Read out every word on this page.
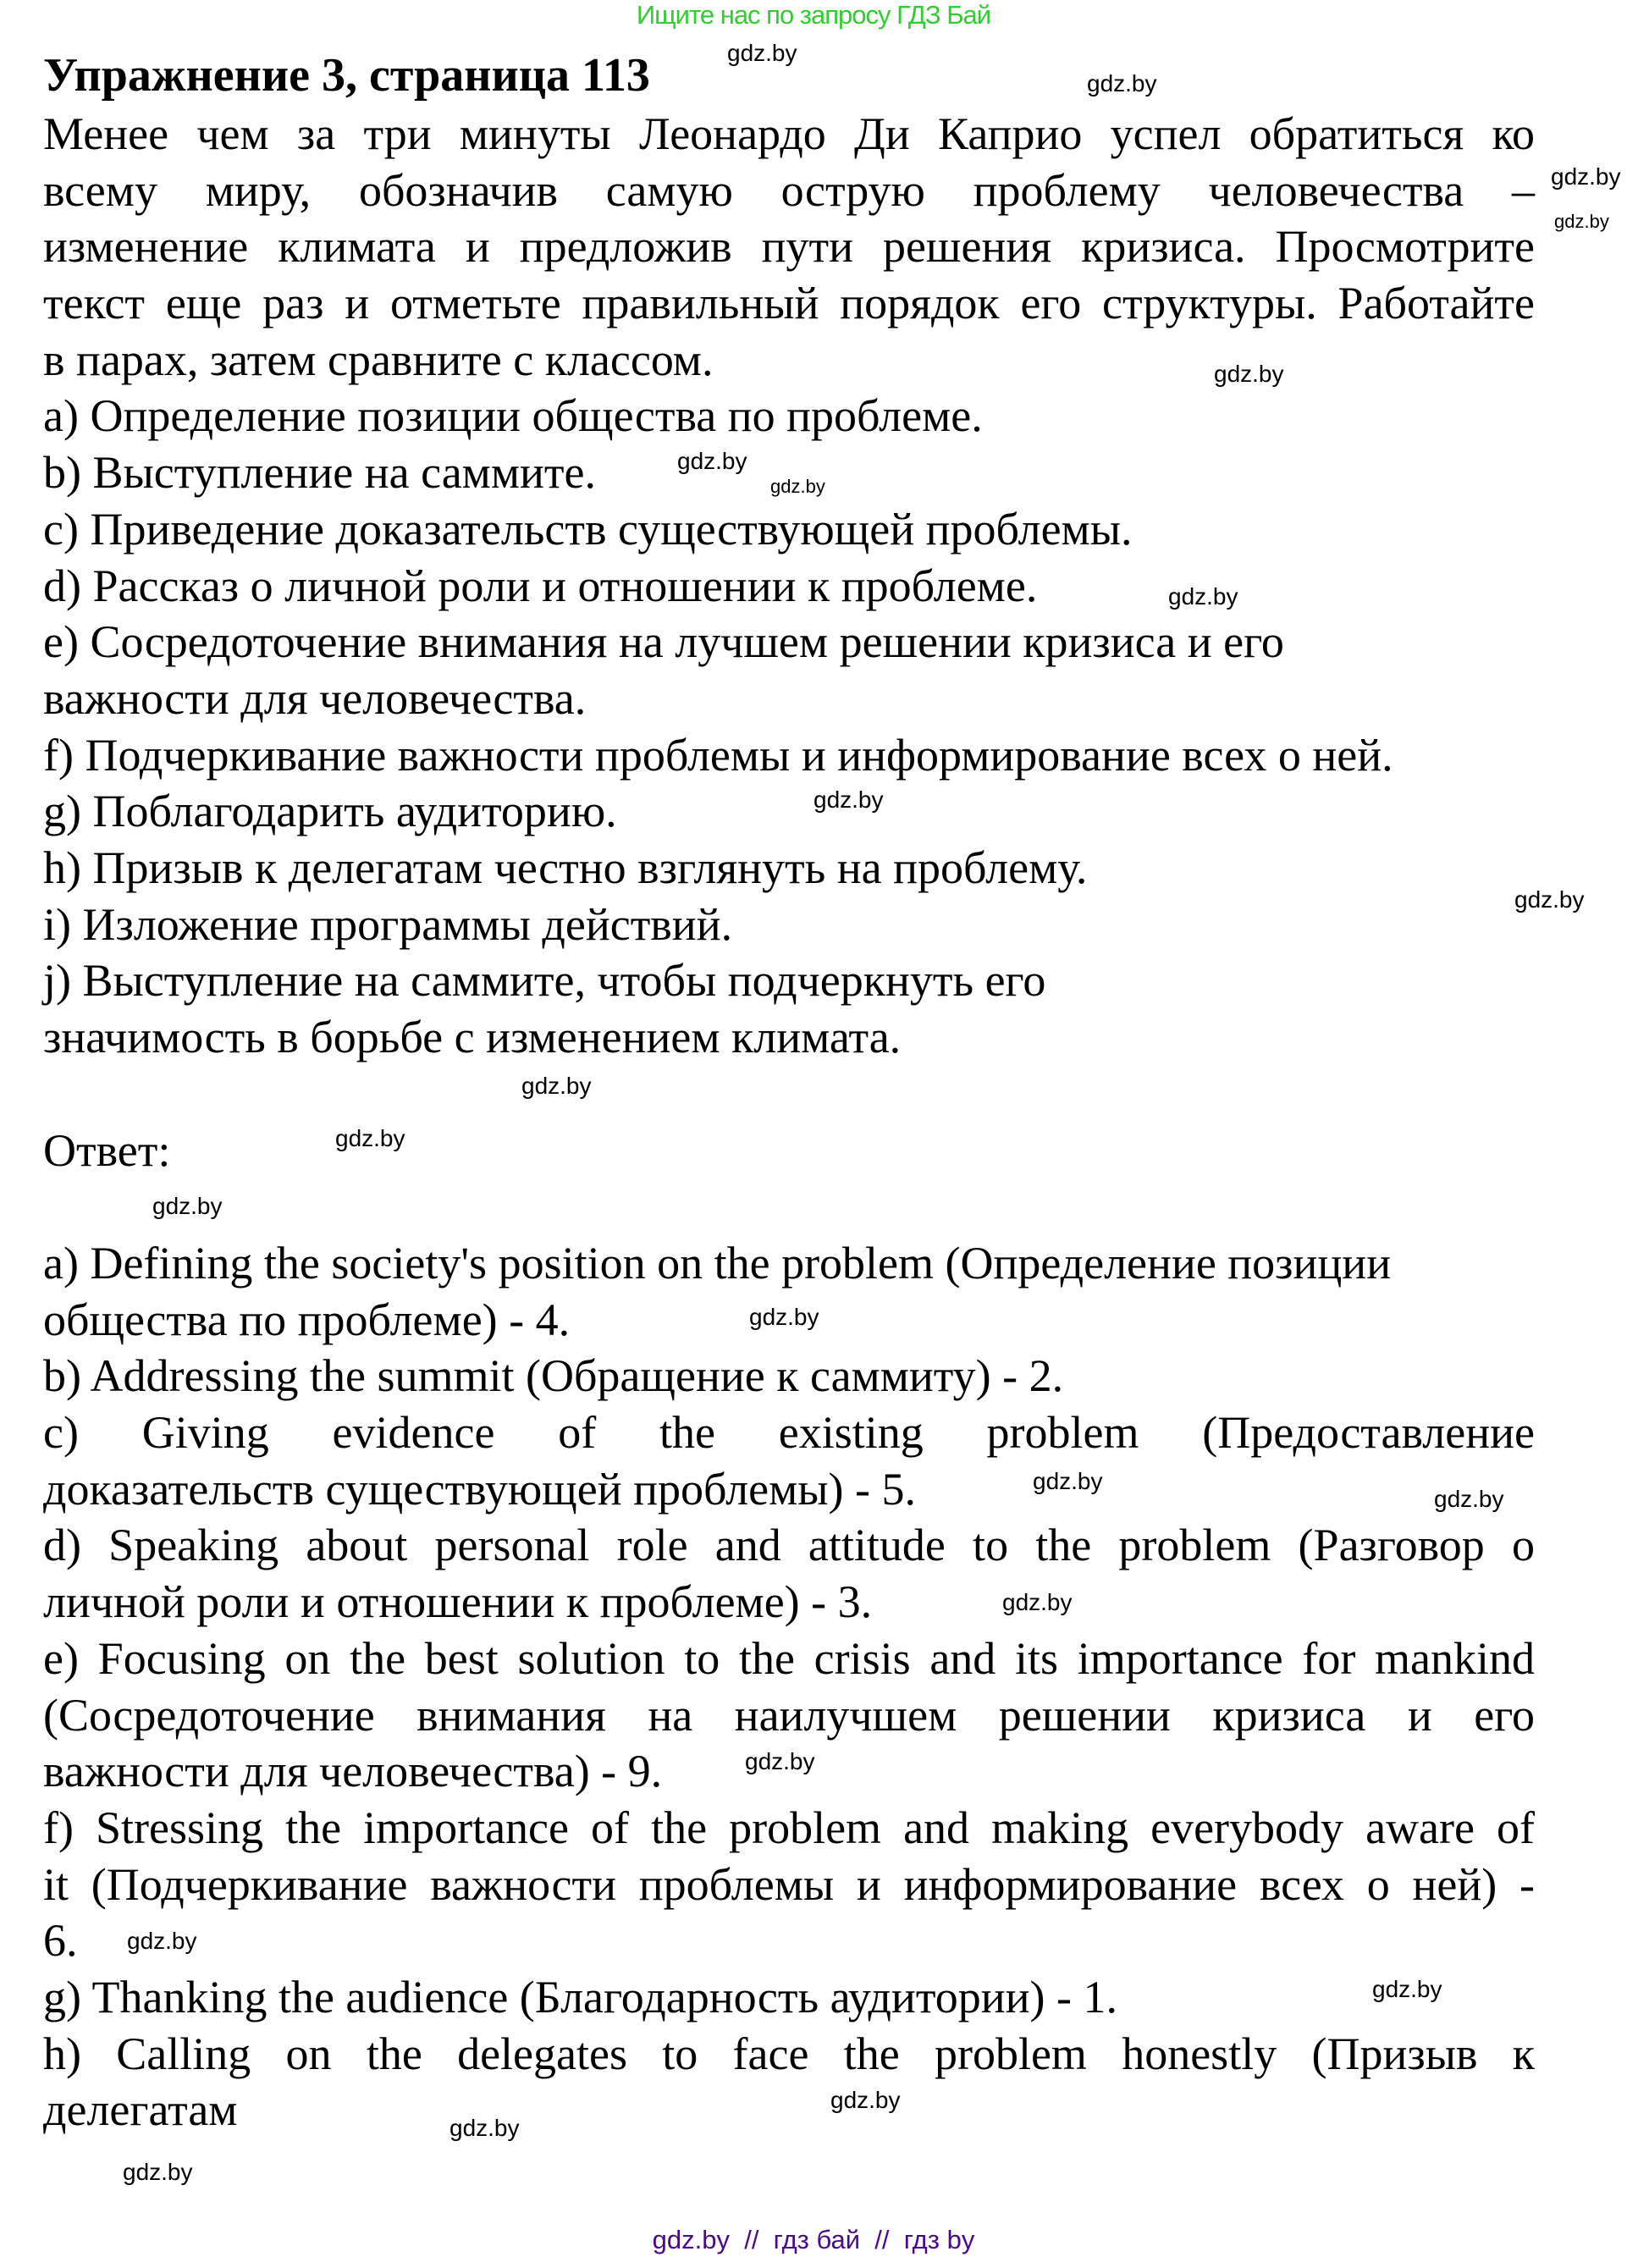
Ищите нас по запросу ГДЗ Бай
Упражнение 3, страница 113
Менее чем за три минуты Леонардо Ди Каприо успел обратиться ко
всему миру, обозначив самую острую проблему человечества –
изменение климата и предложив пути решения кризиса. Просмотрите
текст еще раз и отметьте правильный порядок его структуры. Работайте
в парах, затем сравните с классом.
a) Определение позиции общества по проблеме.
b) Выступление на саммите.
c) Приведение доказательств существующей проблемы.
d) Рассказ о личной роли и отношении к проблеме.
e) Сосредоточение внимания на лучшем решении кризиса и его
важности для человечества.
f) Подчеркивание важности проблемы и информирование всех о ней.
g) Поблагодарить аудиторию.
h) Призыв к делегатам честно взглянуть на проблему.
i) Изложение программы действий.
j) Выступление на саммите, чтобы подчеркнуть его
значимость в борьбе с изменением климата.
Ответ:
a) Defining the society's position on the problem (Определение позиции
общества по проблеме) - 4.
b) Addressing the summit (Обращение к саммиту) - 2.
c) Giving evidence of the existing problem (Предоставление
доказательств существующей проблемы) - 5.
d) Speaking about personal role and attitude to the problem (Разговор о
личной роли и отношении к проблеме) - 3.
e) Focusing on the best solution to the crisis and its importance for mankind
(Сосредоточение внимания на наилучшем решении кризиса и его
важности для человечества) - 9.
f) Stressing the importance of the problem and making everybody aware of
it (Подчеркивание важности проблемы и информирование всех о ней) -
6.
g) Thanking the audience (Благодарность аудитории) - 1.
h) Calling on the delegates to face the problem honestly (Призыв к
делегатам
gdz.by
gdz.by
gdz.by
gdz.by
gdz.by
gdz.by
gdz.by
gdz.by
gdz.by
gdz.by
gdz.by
gdz.by
gdz.by
gdz.by
gdz.by
gdz.by
gdz.by
gdz.by
gdz.by
gdz.by
gdz.by
gdz.by
gdz.by
gdz.by  //  гдз бай  //  гдз by
